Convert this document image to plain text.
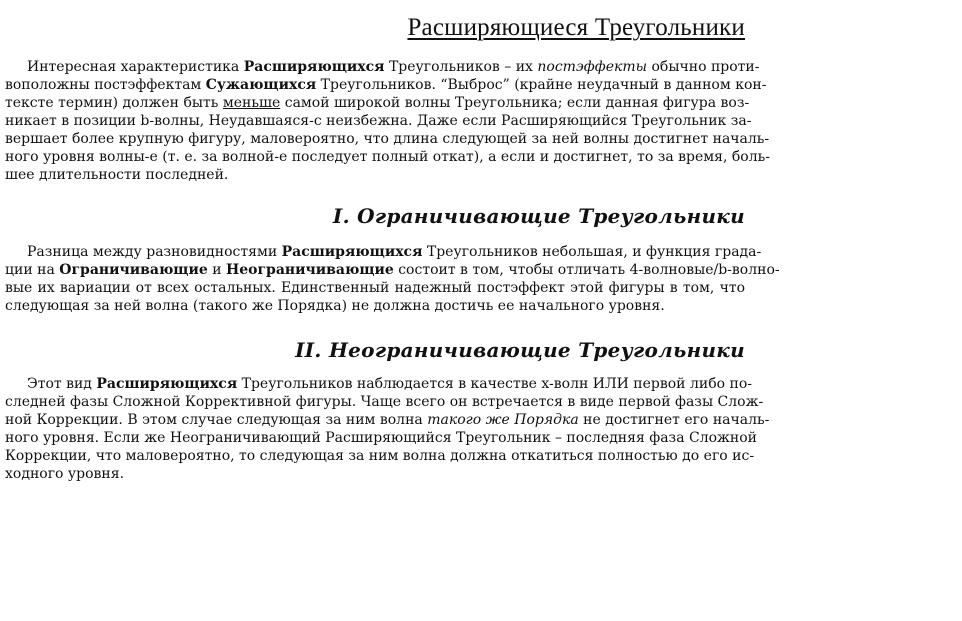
Расширяющиеся Треугольники

Интересная характеристика Расширяющихся Треугольников – их постэффекты обычно проти-
воположны постэффектам Сужающихся Треугольников. “Выброс” (крайне неудачный в данном кон-
тексте термин) должен быть меньше самой широкой волны Треугольника; если данная фигура воз-
никает в позиции b-волны, Неудавшаяся-с неизбежна. Даже если Расширяющийся Треугольник за-
вершает более крупную фигуру, маловероятно, что длина следующей за ней волны достигнет началь-
ного уровня волны-е (т. е. за волной-е последует полный откат), а если и достигнет, то за время, боль-
шее длительности последней.

I. Ограничивающие Треугольники

Разница между разновидностями Расширяющихся Треугольников небольшая, и функция града-
ции на Ограничивающие и Неограничивающие состоит в том, чтобы отличать 4-волновые/b-волно-
вые их вариации от всех остальных. Единственный надежный постэффект этой фигуры в том, что
следующая за ней волна (такого же Порядка) не должна достичь ее начального уровня.

II. Неограничивающие Треугольники

Этот вид Расширяющихся Треугольников наблюдается в качестве x-волн ИЛИ первой либо по-
следней фазы Сложной Коррективной фигуры. Чаще всего он встречается в виде первой фазы Слож-
ной Коррекции. В этом случае следующая за ним волна такого же Порядка не достигнет его началь-
ного уровня. Если же Неограничивающий Расширяющийся Треугольник – последняя фаза Сложной
Коррекции, что маловероятно, то следующая за ним волна должна откатиться полностью до его ис-
ходного уровня.
